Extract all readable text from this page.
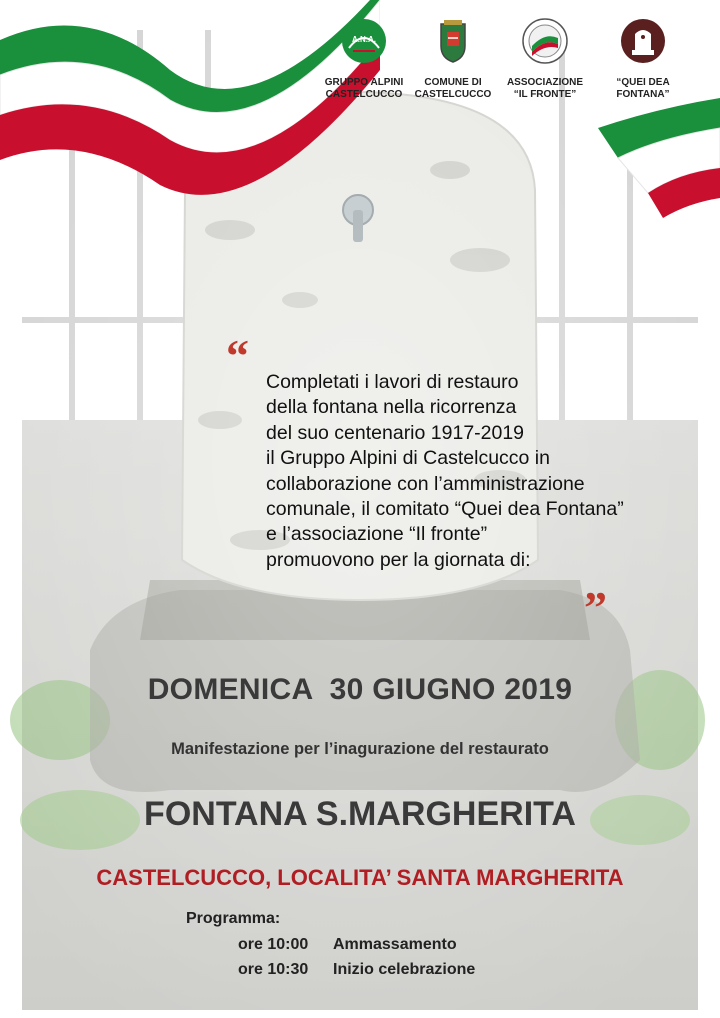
A.N.A.
GRUPPO ALPINI
CASTELCUCCO
COMUNE DI
CASTELCUCCO
ASSOCIAZIONE
“IL FRONTE”
“QUEI DEA
FONTANA”
“
Completati i lavori di restauro
della fontana nella ricorrenza
del suo centenario 1917-2019
il Gruppo Alpini di Castelcucco in
collaborazione con l’amministrazione
comunale, il comitato “Quei dea Fontana”
e l’associazione “Il fronte”
promuovono per la giornata di:
”
DOMENICA  30 GIUGNO 2019
Manifestazione per l’inagurazione del restaurato
FONTANA S.MARGHERITA
CASTELCUCCO, LOCALITA’ SANTA MARGHERITA
Programma:
ore 10:00 Ammassamento
ore 10:30 Inizio celebrazione
